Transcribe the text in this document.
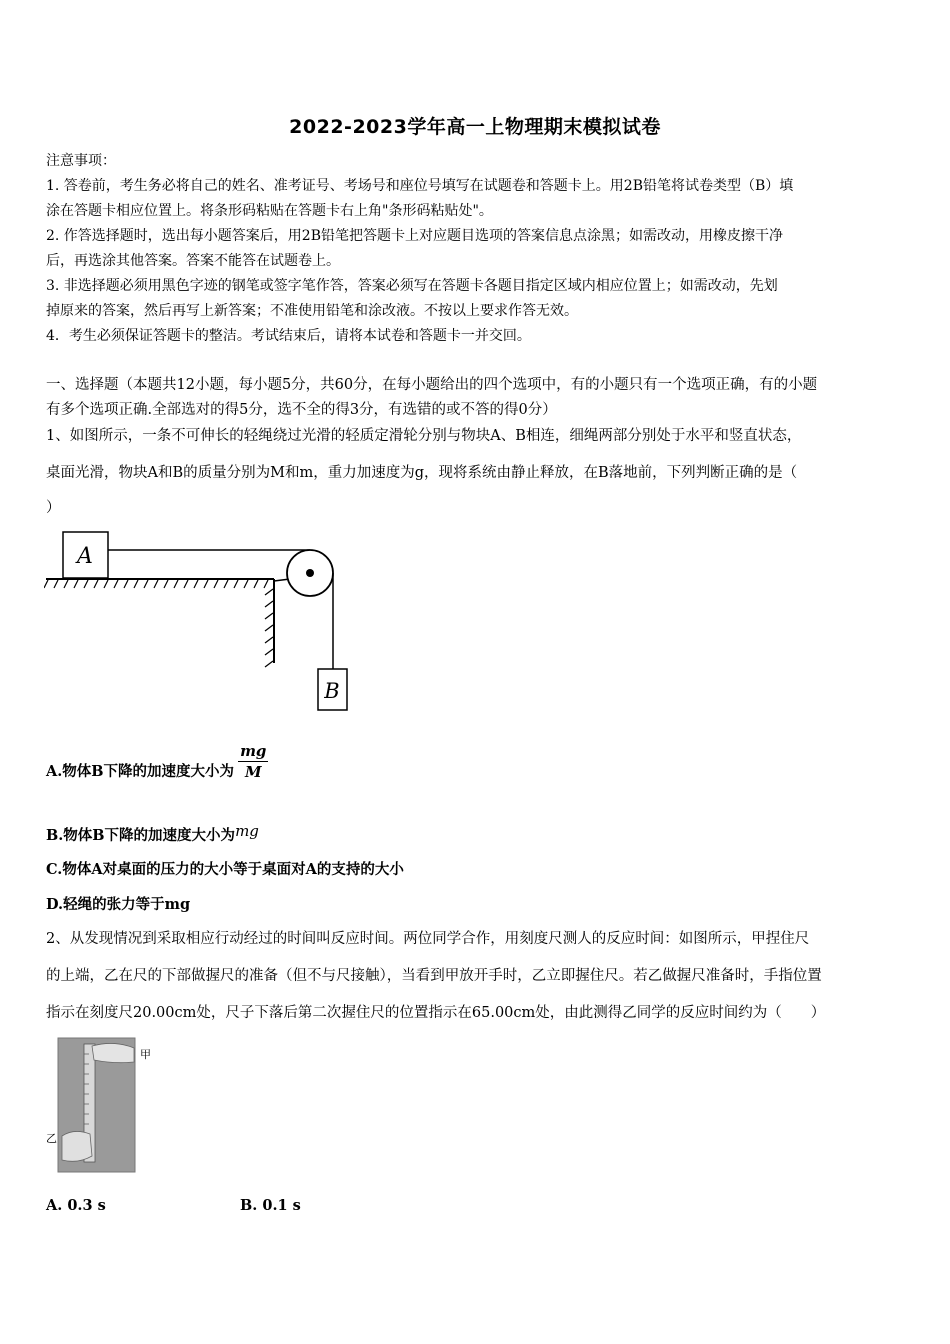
2022-2023学年高一上物理期末模拟试卷
注意事项：
1. 答卷前，考生务必将自己的姓名、准考证号、考场号和座位号填写在试题卷和答题卡上。用2B铅笔将试卷类型（B）填
涂在答题卡相应位置上。将条形码粘贴在答题卡右上角"条形码粘贴处"。
2. 作答选择题时，选出每小题答案后，用2B铅笔把答题卡上对应题目选项的答案信息点涂黑；如需改动，用橡皮擦干净
后，再选涂其他答案。答案不能答在试题卷上。
3. 非选择题必须用黑色字迹的钢笔或签字笔作答，答案必须写在答题卡各题目指定区域内相应位置上；如需改动，先划
掉原来的答案，然后再写上新答案；不准使用铅笔和涂改液。不按以上要求作答无效。
4．考生必须保证答题卡的整洁。考试结束后，请将本试卷和答题卡一并交回。
一、选择题（本题共12小题，每小题5分，共60分，在每小题给出的四个选项中，有的小题只有一个选项正确，有的小题
有多个选项正确.全部选对的得5分，选不全的得3分，有选错的或不答的得0分）
1、如图所示，一条不可伸长的轻绳绕过光滑的轻质定滑轮分别与物块A、B相连，细绳两部分别处于水平和竖直状态，
桌面光滑，物块A和B的质量分别为M和m，重力加速度为g，现将系统由静止释放，在B落地前，下列判断正确的是（
）
A
B
A.物体B下降的加速度大小为 $\frac{mg}{M}$
B.物体B下降的加速度大小为mg
C.物体A对桌面的压力的大小等于桌面对A的支持的大小
D.轻绳的张力等于mg
2、从发现情况到采取相应行动经过的时间叫反应时间。两位同学合作，用刻度尺测人的反应时间：如图所示，甲捏住尺
的上端，乙在尺的下部做握尺的准备（但不与尺接触），当看到甲放开手时，乙立即握住尺。若乙做握尺准备时，手指位置
指示在刻度尺20.00cm处，尺子下落后第二次握住尺的位置指示在65.00cm处，由此测得乙同学的反应时间约为（　　）
甲
乙
A. 0.3 s	B. 0.1 s
